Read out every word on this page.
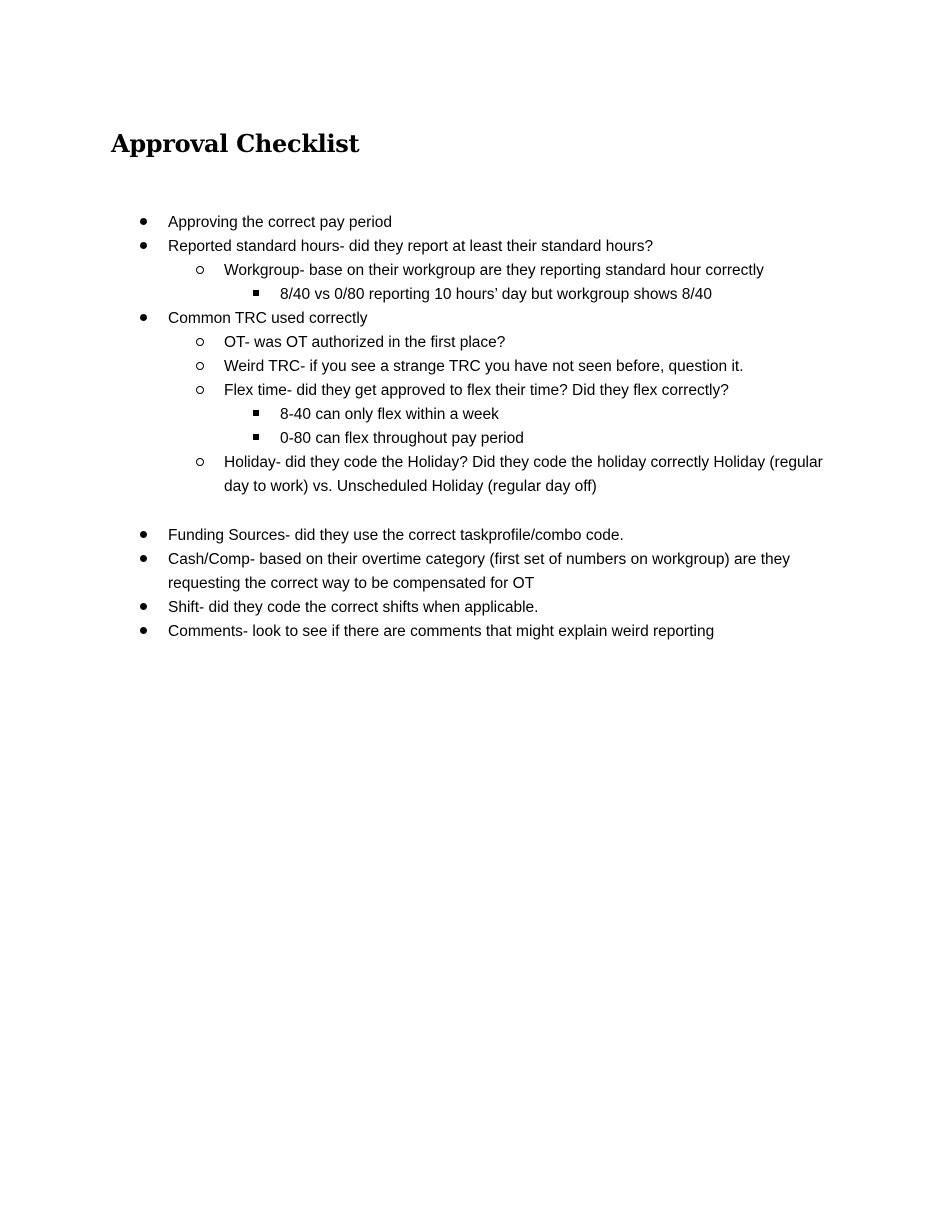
Approval Checklist
Approving the correct pay period
Reported standard hours- did they report at least their standard hours?
Workgroup- base on their workgroup are they reporting standard hour correctly
8/40 vs 0/80 reporting 10 hours’ day but workgroup shows 8/40
Common TRC used correctly
OT- was OT authorized in the first place?
Weird TRC- if you see a strange TRC you have not seen before, question it.
Flex time- did they get approved to flex their time? Did they flex correctly?
8-40 can only flex within a week
0-80 can flex throughout pay period
Holiday- did they code the Holiday? Did they code the holiday correctly Holiday (regular day to work) vs. Unscheduled Holiday (regular day off)
Funding Sources- did they use the correct taskprofile/combo code.
Cash/Comp- based on their overtime category (first set of numbers on workgroup) are they requesting the correct way to be compensated for OT
Shift- did they code the correct shifts when applicable.
Comments- look to see if there are comments that might explain weird reporting
